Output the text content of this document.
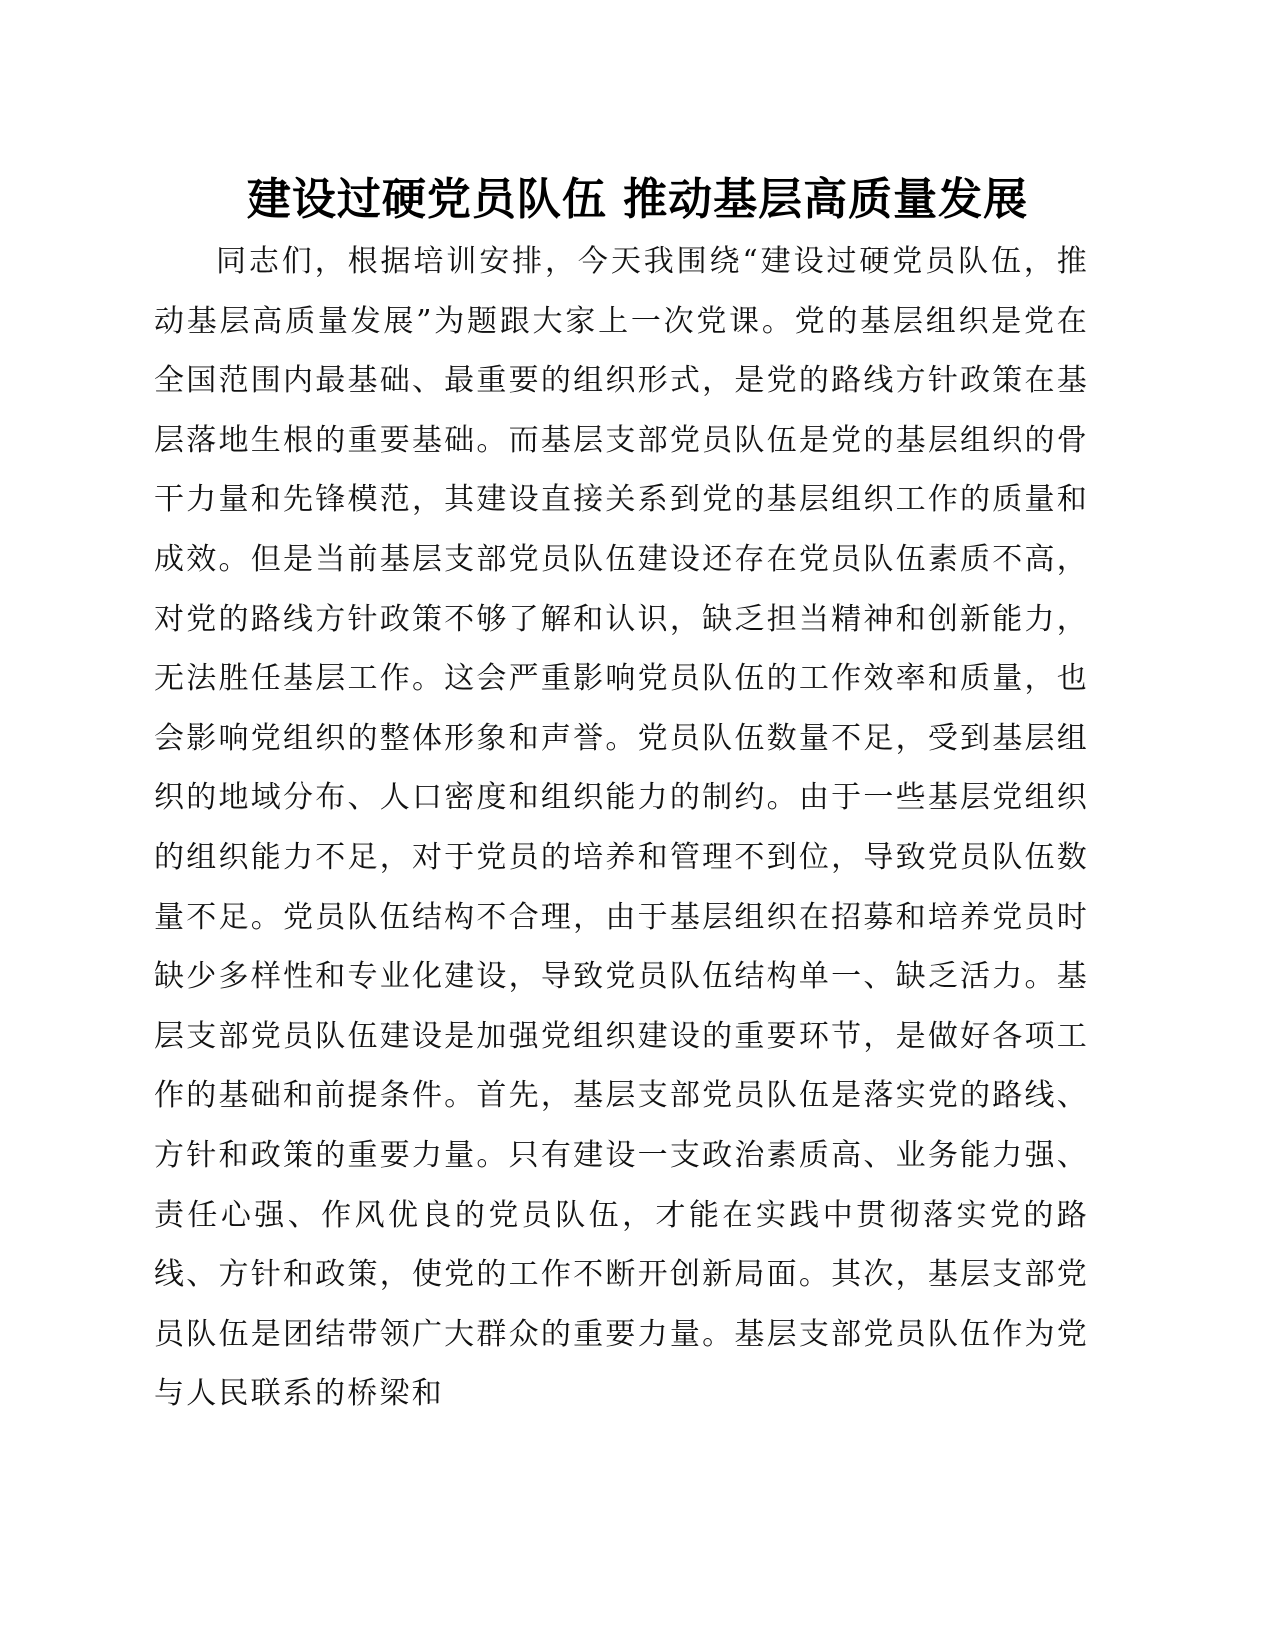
建设过硬党员队伍 推动基层高质量发展

同志们，根据培训安排，今天我围绕“建设过硬党员队伍，推动基层高质量发展”为题跟大家上一次党课。党的基层组织是党在全国范围内最基础、最重要的组织形式，是党的路线方针政策在基层落地生根的重要基础。而基层支部党员队伍是党的基层组织的骨干力量和先锋模范，其建设直接关系到党的基层组织工作的质量和成效。但是当前基层支部党员队伍建设还存在党员队伍素质不高，对党的路线方针政策不够了解和认识，缺乏担当精神和创新能力，无法胜任基层工作。这会严重影响党员队伍的工作效率和质量，也会影响党组织的整体形象和声誉。党员队伍数量不足，受到基层组织的地域分布、人口密度和组织能力的制约。由于一些基层党组织的组织能力不足，对于党员的培养和管理不到位，导致党员队伍数量不足。党员队伍结构不合理，由于基层组织在招募和培养党员时缺少多样性和专业化建设，导致党员队伍结构单一、缺乏活力。基层支部党员队伍建设是加强党组织建设的重要环节，是做好各项工作的基础和前提条件。首先，基层支部党员队伍是落实党的路线、方针和政策的重要力量。只有建设一支政治素质高、业务能力强、责任心强、作风优良的党员队伍，才能在实践中贯彻落实党的路线、方针和政策，使党的工作不断开创新局面。其次，基层支部党员队伍是团结带领广大群众的重要力量。基层支部党员队伍作为党与人民联系的桥梁和
